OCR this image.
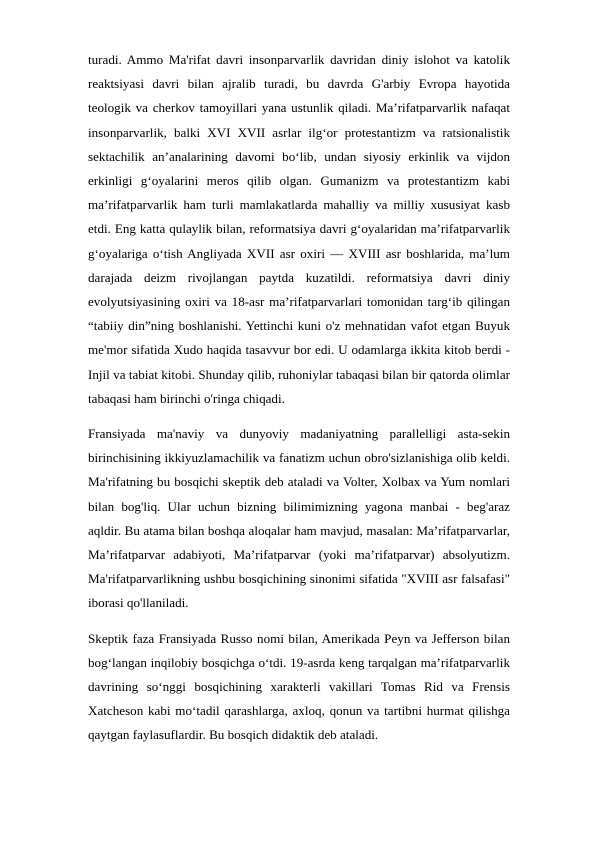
turadi. Ammo Ma'rifat davri insonparvarlik davridan diniy islohot va katolik reaktsiyasi davri bilan ajralib turadi, bu davrda G'arbiy Evropa hayotida teologik va cherkov tamoyillari yana ustunlik qiladi. Ma’rifatparvarlik nafaqat insonparvarlik, balki XVI XVII asrlar ilg‘or protestantizm va ratsionalistik sektachilik an’analarining davomi bo‘lib, undan siyosiy erkinlik va vijdon erkinligi g‘oyalarini meros qilib olgan. Gumanizm va protestantizm kabi ma’rifatparvarlik ham turli mamlakatlarda mahalliy va milliy xususiyat kasb etdi. Eng katta qulaylik bilan, reformatsiya davri g‘oyalaridan ma’rifatparvarlik g‘oyalariga o‘tish Angliyada XVII asr oxiri — XVIII asr boshlarida, ma’lum darajada deizm rivojlangan paytda kuzatildi. reformatsiya davri diniy evolyutsiyasining oxiri va 18-asr ma’rifatparvarlari tomonidan targ‘ib qilingan “tabiiy din”ning boshlanishi. Yettinchi kuni o'z mehnatidan vafot etgan Buyuk me'mor sifatida Xudo haqida tasavvur bor edi. U odamlarga ikkita kitob berdi - Injil va tabiat kitobi. Shunday qilib, ruhoniylar tabaqasi bilan bir qatorda olimlar tabaqasi ham birinchi o'ringa chiqadi.

Fransiyada ma'naviy va dunyoviy madaniyatning parallelligi asta-sekin birinchisining ikkiyuzlamachilik va fanatizm uchun obro'sizlanishiga olib keldi. Ma'rifatning bu bosqichi skeptik deb ataladi va Volter, Xolbax va Yum nomlari bilan bog'liq. Ular uchun bizning bilimimizning yagona manbai - beg'araz aqldir. Bu atama bilan boshqa aloqalar ham mavjud, masalan: Ma’rifatparvarlar, Ma’rifatparvar adabiyoti, Ma’rifatparvar (yoki ma’rifatparvar) absolyutizm. Ma'rifatparvarlikning ushbu bosqichining sinonimi sifatida "XVIII asr falsafasi" iborasi qo'llaniladi.

Skeptik faza Fransiyada Russo nomi bilan, Amerikada Peyn va Jefferson bilan bog‘langan inqilobiy bosqichga o‘tdi. 19-asrda keng tarqalgan ma’rifatparvarlik davrining so‘nggi bosqichining xarakterli vakillari Tomas Rid va Frensis Xatcheson kabi mo‘tadil qarashlarga, axloq, qonun va tartibni hurmat qilishga qaytgan faylasuflardir. Bu bosqich didaktik deb ataladi.
